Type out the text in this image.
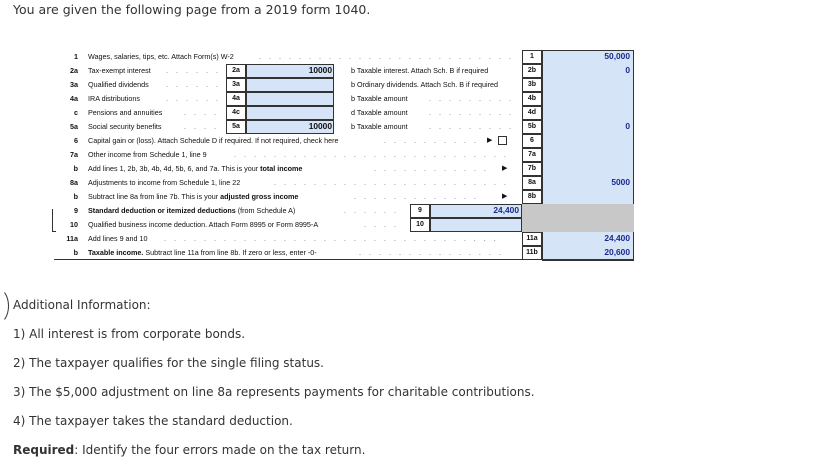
You are given the following page from a 2019 form 1040.
1	Wages, salaries, tips, etc. Attach Form(s) W-2	. . . . . . . . . . . . . . . . . . . . . . . . . .	1	50,000
2a	Tax-exempt interest . . . . . .	2a	10000	b Taxable interest. Attach Sch. B if required	2b	0
3a	Qualified dividends . . . . . .	3a	b Ordinary dividends. Attach Sch. B if required	3b
4a	IRA distributions	. . . . . .	4a	b Taxable amount	. . . . . . . . .	4b
c	Pensions and annuities	. . . .	4c	d Taxable amount	. . . . . . . . .	4d
5a	Social security benefits	. . . .	5a	10000	b Taxable amount	. . . . . . . . .	5b	0
6	Capital gain or (loss). Attach Schedule D if required. If not required, check here	. . . . . . . . . .	▶	6
7a	Other income from Schedule 1, line 9	. . . . . . . . . . . . . . . . . . . . . . . . . . . .	7a
b	Add lines 1, 2b, 3b, 4b, 4d, 5b, 6, and 7a. This is your total income	. . . . . . . . . . . .	▶	7b
8a	Adjustments to income from Schedule 1, line 22	. . . . . . . . . . . . . . . . . . . . . . . .	8a	5000
b	Subtract line 8a from line 7b. This is your adjusted gross income	. . . . . . . . . . . . .	▶	8b
9	Standard deduction or itemized deductions (from Schedule A)	. . . . . .	9	24,400
10	Qualified business income deduction. Attach Form 8995 or Form 8995-A	. . . .	10
11a	Add lines 9 and 10 . . . . . . . . . . . . . . . . . . . . . . . . . . . . . . . . . .	11a	24,400
b	Taxable income. Subtract line 11a from line 8b. If zero or less, enter -0-	. . . . . . . . . . . . . . .	11b	20,600
Additional Information:
1) All interest is from corporate bonds.
2) The taxpayer qualifies for the single filing status.
3) The $5,000 adjustment on line 8a represents payments for charitable contributions.
4) The taxpayer takes the standard deduction.
Required: Identify the four errors made on the tax return.
